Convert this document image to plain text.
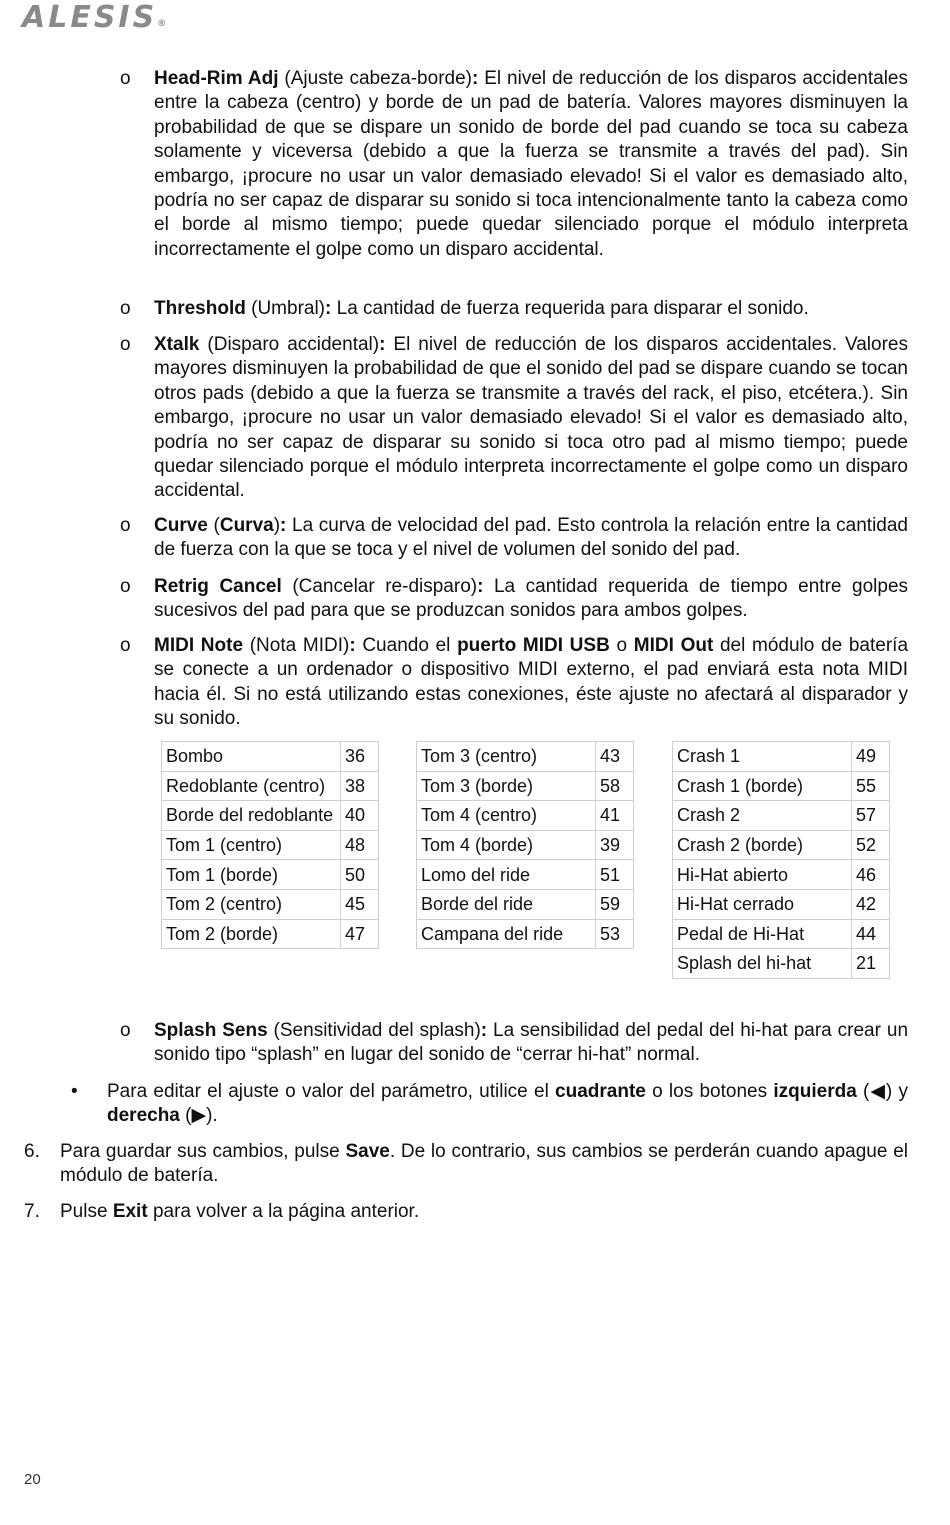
ALESIS®
o Head-Rim Adj (Ajuste cabeza-borde): El nivel de reducción de los disparos accidentales entre la cabeza (centro) y borde de un pad de batería. Valores mayores disminuyen la probabilidad de que se dispare un sonido de borde del pad cuando se toca su cabeza solamente y viceversa (debido a que la fuerza se transmite a través del pad). Sin embargo, ¡procure no usar un valor demasiado elevado! Si el valor es demasiado alto, podría no ser capaz de disparar su sonido si toca intencionalmente tanto la cabeza como el borde al mismo tiempo; puede quedar silenciado porque el módulo interpreta incorrectamente el golpe como un disparo accidental.
o Threshold (Umbral): La cantidad de fuerza requerida para disparar el sonido.
o Xtalk (Disparo accidental): El nivel de reducción de los disparos accidentales. Valores mayores disminuyen la probabilidad de que el sonido del pad se dispare cuando se tocan otros pads (debido a que la fuerza se transmite a través del rack, el piso, etcétera.). Sin embargo, ¡procure no usar un valor demasiado elevado! Si el valor es demasiado alto, podría no ser capaz de disparar su sonido si toca otro pad al mismo tiempo; puede quedar silenciado porque el módulo interpreta incorrectamente el golpe como un disparo accidental.
o Curve (Curva): La curva de velocidad del pad. Esto controla la relación entre la cantidad de fuerza con la que se toca y el nivel de volumen del sonido del pad.
o Retrig Cancel (Cancelar re-disparo): La cantidad requerida de tiempo entre golpes sucesivos del pad para que se produzcan sonidos para ambos golpes.
o MIDI Note (Nota MIDI): Cuando el puerto MIDI USB o MIDI Out del módulo de batería se conecte a un ordenador o dispositivo MIDI externo, el pad enviará esta nota MIDI hacia él. Si no está utilizando estas conexiones, éste ajuste no afectará al disparador y su sonido.
Bombo	36
Redoblante (centro)	38
Borde del redoblante	40
Tom 1 (centro)	48
Tom 1 (borde)	50
Tom 2 (centro)	45
Tom 2 (borde)	47
Tom 3 (centro)	43
Tom 3 (borde)	58
Tom 4 (centro)	41
Tom 4 (borde)	39
Lomo del ride	51
Borde del ride	59
Campana del ride	53
Crash 1	49
Crash 1 (borde)	55
Crash 2	57
Crash 2 (borde)	52
Hi-Hat abierto	46
Hi-Hat cerrado	42
Pedal de Hi-Hat	44
Splash del hi-hat	21
o Splash Sens (Sensitividad del splash): La sensibilidad del pedal del hi-hat para crear un sonido tipo “splash” en lugar del sonido de “cerrar hi-hat” normal.
• Para editar el ajuste o valor del parámetro, utilice el cuadrante o los botones izquierda (◀) y derecha (▶).
6. Para guardar sus cambios, pulse Save. De lo contrario, sus cambios se perderán cuando apague el módulo de batería.
7. Pulse Exit para volver a la página anterior.
20
